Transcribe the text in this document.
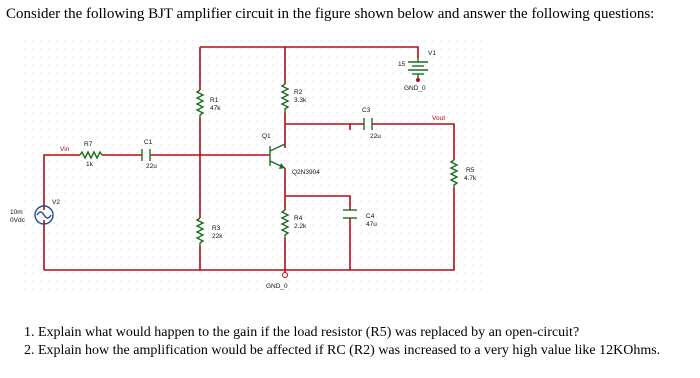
Consider the following BJT amplifier circuit in the figure shown below and answer the following questions:

V1
15
GND_0
R1
47k
R2
3.3k
C3
22u
Vout
R7
1k
Vin
C1
22u
Q1
Q2N3904	R5
4.7k
V2
10m
0Vdc
R3
22k
R4
2.2k
C4
47u
GND_0
1. Explain what would happen to the gain if the load resistor (R5) was replaced by an open-circuit?
2. Explain how the amplification would be affected if RC (R2) was increased to a very high value like 12KOhms.
